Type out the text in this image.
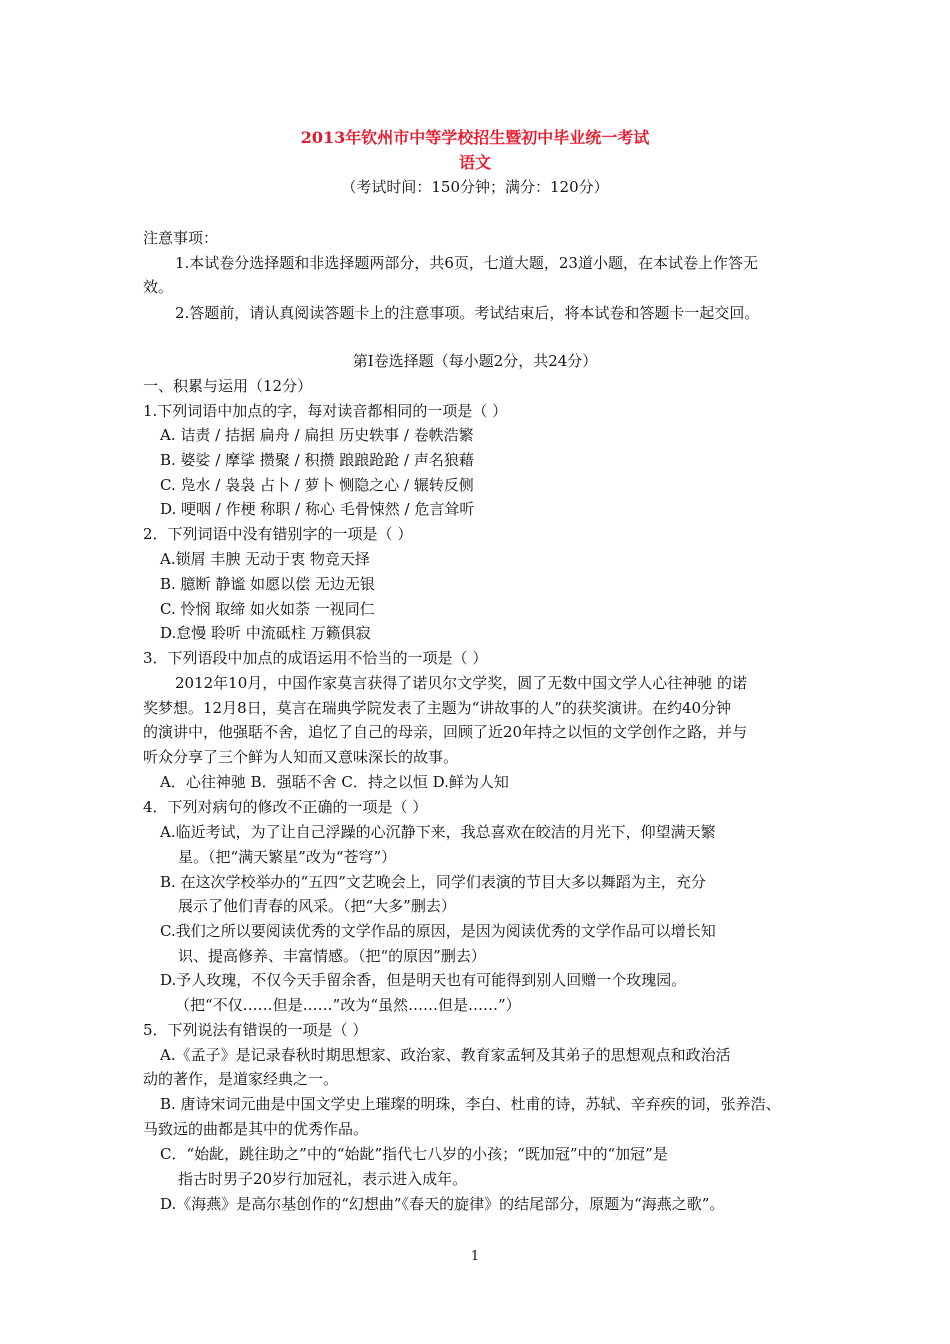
2013年钦州市中等学校招生暨初中毕业统一考试
语文
（考试时间：150分钟；满分：120分）
注意事项：
1.本试卷分选择题和非选择题两部分，共6页，七道大题，23道小题，在本试卷上作答无
效。
2.答题前，请认真阅读答题卡上的注意事项。考试结束后，将本试卷和答题卡一起交回。
第Ⅰ卷选择题（每小题2分，共24分）
一、积累与运用（12分）
1.下列词语中加点的字，每对读音都相同的一项是（ ）
A. 诘责 / 拮据 扁舟 / 扁担 历史轶事 / 卷帙浩繁
B. 婆娑 / 摩挲 攒聚 / 积攒 踉踉跄跄 / 声名狼藉
C. 凫水 / 袅袅 占卜 / 萝卜 恻隐之心 / 辗转反侧
D. 哽咽 / 作梗 称职 / 称心 毛骨悚然 / 危言耸听
2．下列词语中没有错别字的一项是（ ）
A.锁屑 丰腴 无动于衷 物竞天择
B. 臆断 静谧 如愿以偿 无边无银
C. 怜悯 取缔 如火如荼 一视同仁
D.怠慢 聆听 中流砥柱 万籁俱寂
3．下列语段中加点的成语运用不恰当的一项是（ ）
2012年10月，中国作家莫言获得了诺贝尔文学奖，圆了无数中国文学人心往神驰 的诺
奖梦想。12月8日，莫言在瑞典学院发表了主题为“讲故事的人”的获奖演讲。在约40分钟
的演讲中，他强聒不舍，追忆了自己的母亲，回顾了近20年持之以恒的文学创作之路，并与
听众分享了三个鲜为人知而又意味深长的故事。
A．心往神驰 B．强聒不舍 C．持之以恒 D.鲜为人知
4．下列对病句的修改不正确的一项是（ ）
A.临近考试，为了让自己浮躁的心沉静下来，我总喜欢在皎洁的月光下，仰望满天繁
星。（把“满天繁星”改为“苍穹”）
B. 在这次学校举办的“五四”文艺晚会上，同学们表演的节目大多以舞蹈为主，充分
展示了他们青春的风采。（把“大多”删去）
C.我们之所以要阅读优秀的文学作品的原因，是因为阅读优秀的文学作品可以增长知
识、提高修养、丰富情感。（把“的原因”删去）
D.予人玫瑰，不仅今天手留余香，但是明天也有可能得到别人回赠一个玫瑰园。
（把“不仅……但是……”改为“虽然……但是……”）
5．下列说法有错误的一项是（ ）
A.《孟子》是记录春秋时期思想家、政治家、教育家孟轲及其弟子的思想观点和政治活
动的著作，是道家经典之一。
B. 唐诗宋词元曲是中国文学史上璀璨的明珠，李白、杜甫的诗，苏轼、辛弃疾的词，张养浩、
马致远的曲都是其中的优秀作品。
C．“始龀，跳往助之”中的“始龀”指代七八岁的小孩；“既加冠”中的“加冠”是
指古时男子20岁行加冠礼，表示进入成年。
D.《海燕》是高尔基创作的“幻想曲”《春天的旋律》的结尾部分，原题为“海燕之歌”。
1
